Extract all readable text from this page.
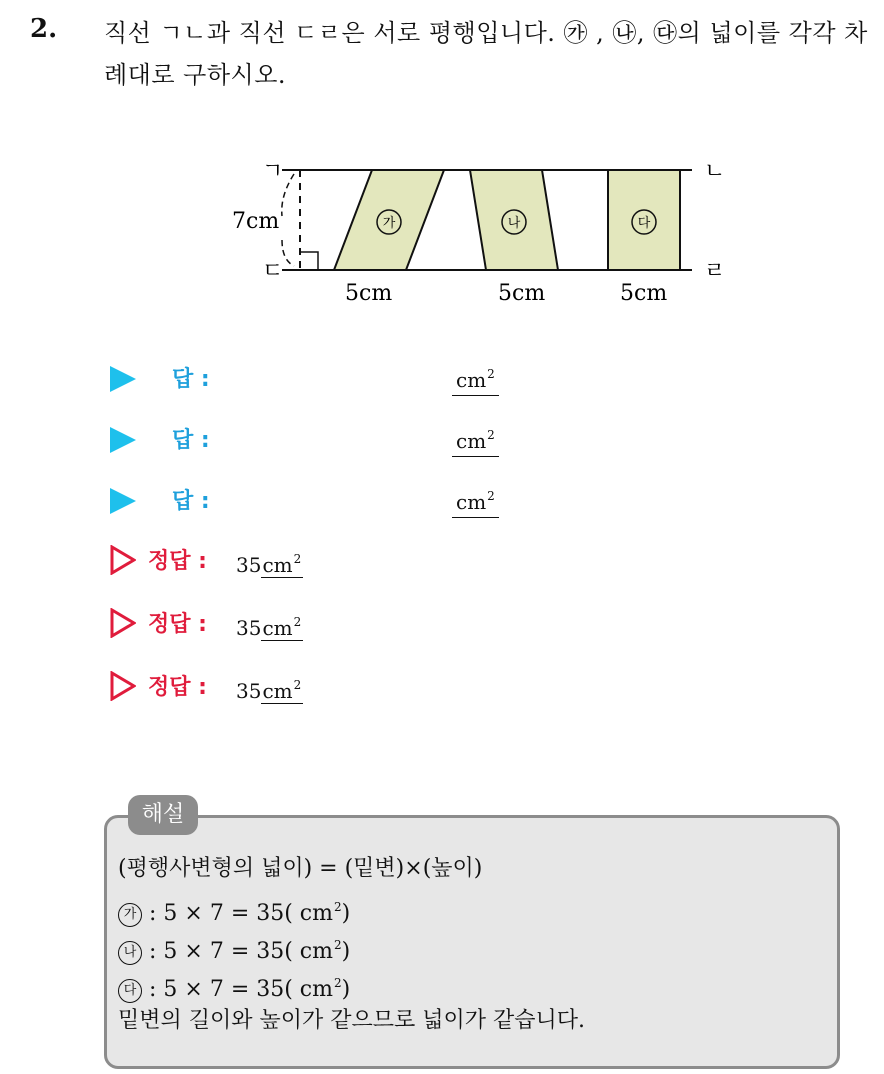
2. 직선 ㄱㄴ과 직선 ㄷㄹ은 서로 평행입니다. ㉮ , ㉯, ㉰의 넓이를 각각 차례대로 구하시오.
ㄱ	ㄴ
ㄷ	ㄹ
7cm	가	나	다
5cm	5cm	5cm
답 :	$cm^2$
답 :	$cm^2$
답 :	$cm^2$
정답 : $35cm^2$
정답 : $35cm^2$
정답 : $35cm^2$
해설
(평행사변형의 넓이) = (밑변)×(높이)
가 : 5 × 7 = 35( $cm^2$)
나 : 5 × 7 = 35( $cm^2$)
다 : 5 × 7 = 35( $cm^2$)
밑변의 길이와 높이가 같으므로 넓이가 같습니다.
